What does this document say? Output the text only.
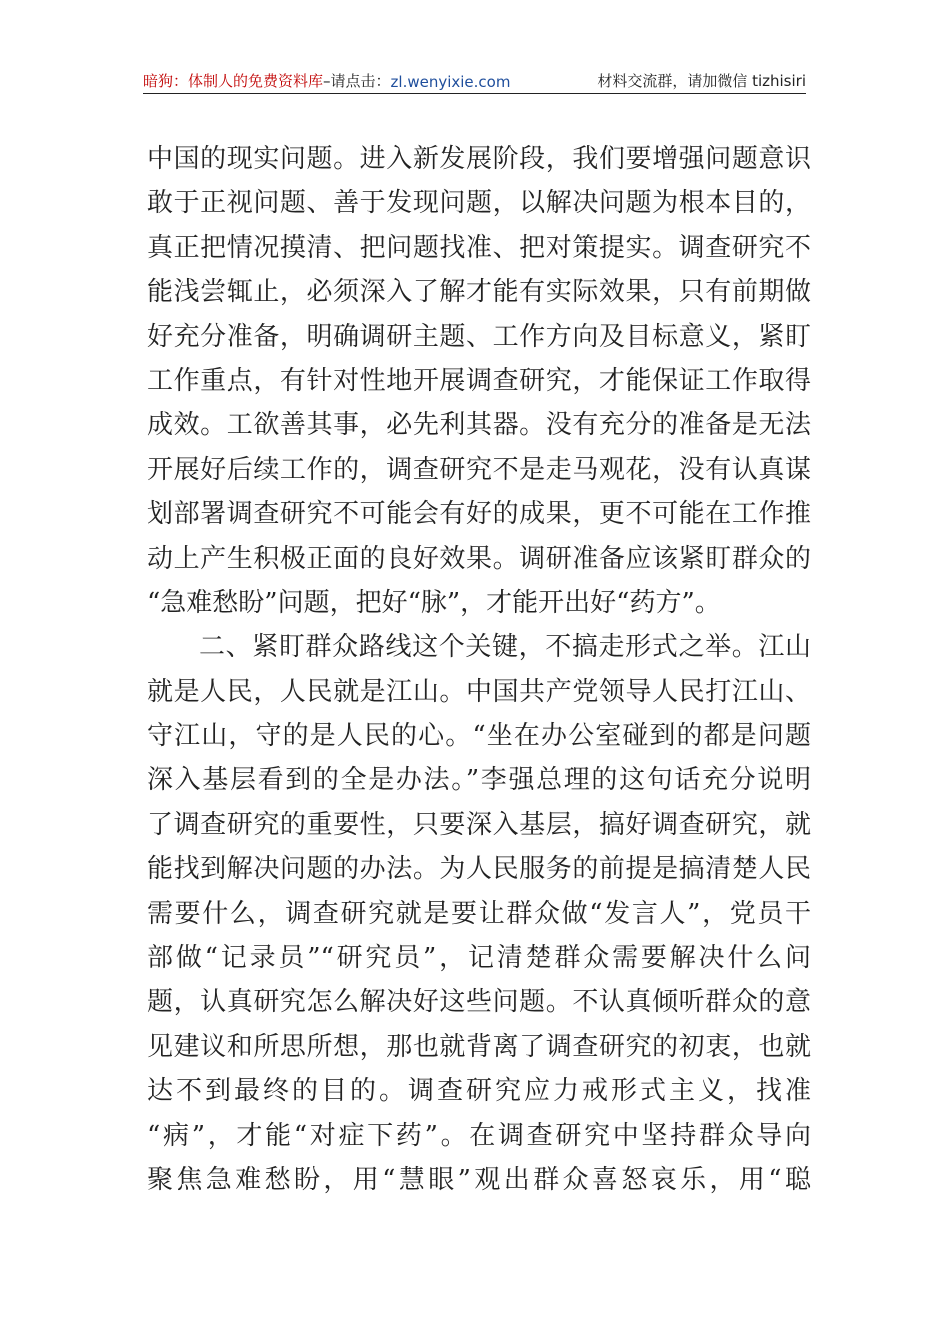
暗狗：体制人的免费资料库 –请点击： zl.wenyixie.com	材料交流群，请加微信 tizhisiri
中国的现实问题。进入新发展阶段，我们要增强问题意识
敢于正视问题、善于发现问题，以解决问题为根本目的，
真正把情况摸清、把问题找准、把对策提实。调查研究不
能浅尝辄止，必须深入了解才能有实际效果，只有前期做
好充分准备，明确调研主题、工作方向及目标意义，紧盯
工作重点，有针对性地开展调查研究，才能保证工作取得
成效。工欲善其事，必先利其器。没有充分的准备是无法
开展好后续工作的，调查研究不是走马观花，没有认真谋
划部署调查研究不可能会有好的成果，更不可能在工作推
动上产生积极正面的良好效果。调研准备应该紧盯群众的
“急难愁盼”问题，把好“脉”，才能开出好“药方”。
二、紧盯群众路线这个关键，不搞走形式之举。江山
就是人民，人民就是江山。中国共产党领导人民打江山、
守江山，守的是人民的心。“坐在办公室碰到的都是问题
深入基层看到的全是办法。”李强总理的这句话充分说明
了调查研究的重要性，只要深入基层，搞好调查研究，就
能找到解决问题的办法。为人民服务的前提是搞清楚人民
需要什么，调查研究就是要让群众做“发言人”，党员干
部做“记录员”“研究员”，记清楚群众需要解决什么问
题，认真研究怎么解决好这些问题。不认真倾听群众的意
见建议和所思所想，那也就背离了调查研究的初衷，也就
达不到最终的目的。调查研究应力戒形式主义，找准
“病”，才能“对症下药”。在调查研究中坚持群众导向
聚焦急难愁盼，用“慧眼”观出群众喜怒哀乐，用“聪
